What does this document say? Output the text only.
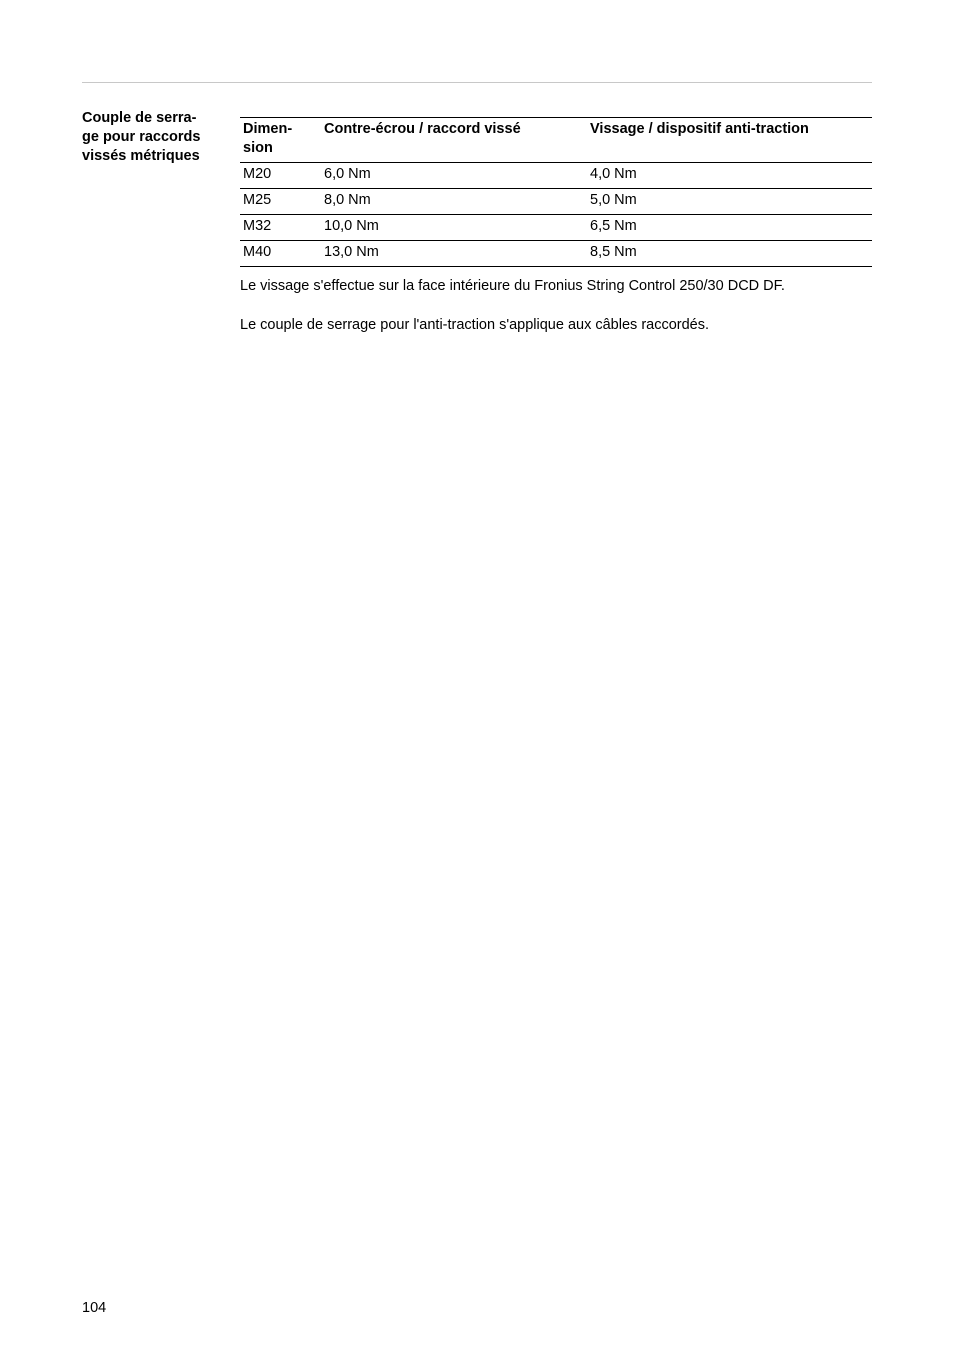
Couple de serra-
ge pour raccords
vissés métriques
Dimen-
sion	Contre-écrou / raccord vissé	Vissage / dispositif anti-traction
M20	6,0 Nm	4,0 Nm
M25	8,0 Nm	5,0 Nm
M32	10,0 Nm	6,5 Nm
M40	13,0 Nm	8,5 Nm

Le vissage s'effectue sur la face intérieure du Fronius String Control 250/30 DCD DF.

Le couple de serrage pour l'anti-traction s'applique aux câbles raccordés.

104
